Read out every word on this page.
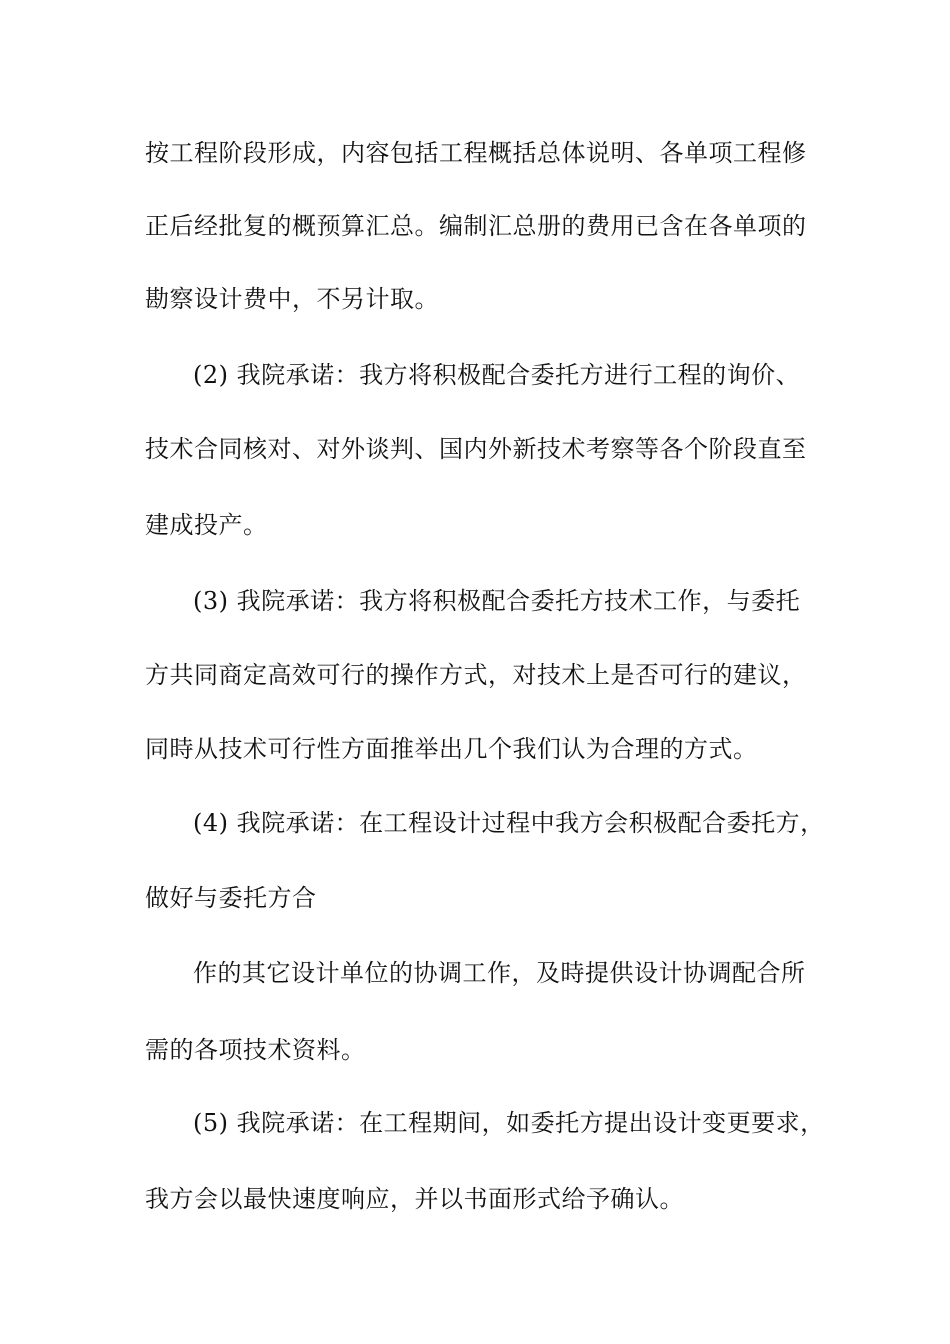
按工程阶段形成，内容包括工程概括总体说明、各单项工程修
正后经批复的概预算汇总。编制汇总册的费用已含在各单项的
勘察设计费中，不另计取。
(2) 我院承诺：我方将积极配合委托方进行工程的询价、
技术合同核对、对外谈判、国内外新技术考察等各个阶段直至
建成投产。
(3) 我院承诺：我方将积极配合委托方技术工作，与委托
方共同商定高效可行的操作方式，对技术上是否可行的建议，
同時从技术可行性方面推举出几个我们认为合理的方式。
(4) 我院承诺：在工程设计过程中我方会积极配合委托方，
做好与委托方合
作的其它设计单位的协调工作，及時提供设计协调配合所
需的各项技术资料。
(5) 我院承诺：在工程期间，如委托方提出设计变更要求，
我方会以最快速度响应，并以书面形式给予确认。
